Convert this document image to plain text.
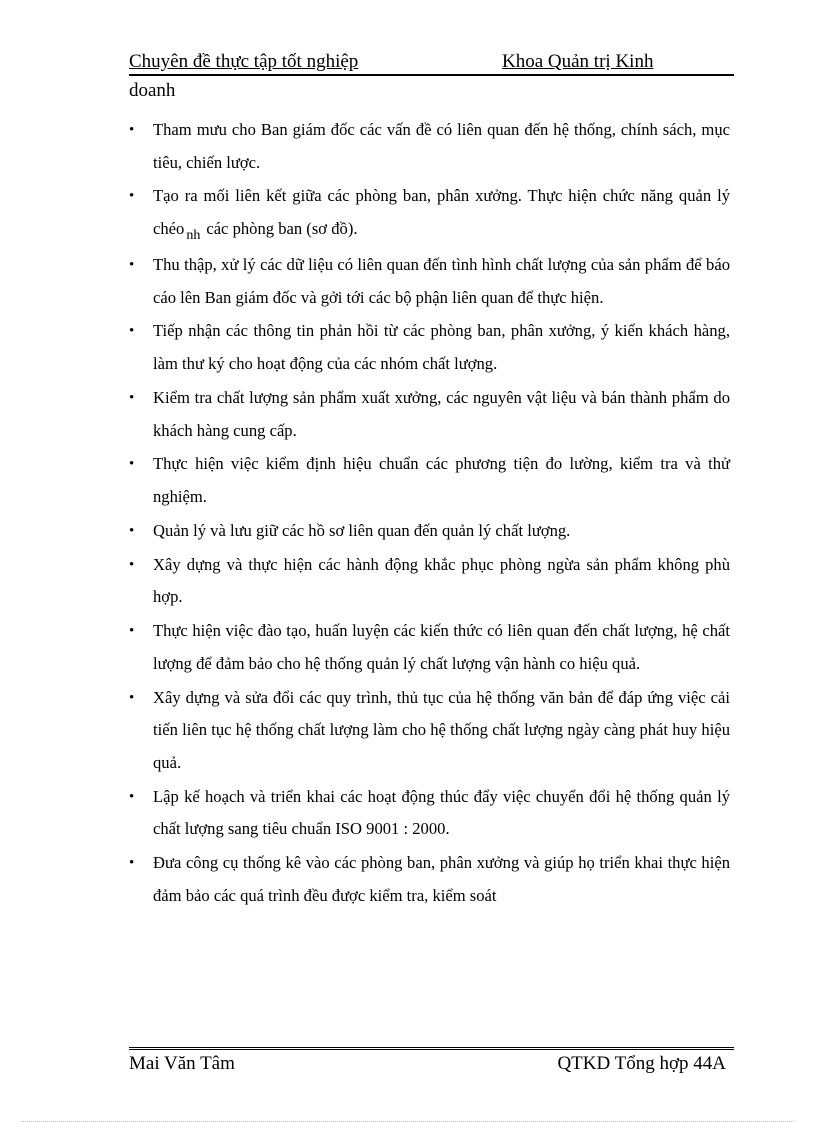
Chuyên đề thực tập tốt nghiệp	Khoa Quản trị Kinh
doanh
• Tham mưu cho Ban giám đốc các vấn đề có liên quan đến hệ thống, chính sách, mục tiêu, chiến lược.
• Tạo ra mối liên kết giữa các phòng ban, phân xưởng. Thực hiện chức năng quản lý chéo $_{nh}$ các phòng ban (sơ đồ).
• Thu thập, xử lý các dữ liệu có liên quan đến tình hình chất lượng của sản phẩm để báo cáo lên Ban giám đốc và gởi tới các bộ phận liên quan để thực hiện.
• Tiếp nhận các thông tin phản hồi từ các phòng ban, phân xưởng, ý kiến khách hàng, làm thư ký cho hoạt động của các nhóm chất lượng.
• Kiểm tra chất lượng sản phẩm xuất xưởng, các nguyên vật liệu và bán thành phẩm do khách hàng cung cấp.
• Thực hiện việc kiểm định hiệu chuẩn các phương tiện đo lường, kiểm tra và thử nghiệm.
• Quản lý và lưu giữ các hồ sơ liên quan đến quản lý chất lượng.
• Xây dựng và thực hiện các hành động khắc phục phòng ngừa sản phẩm không phù hợp.
• Thực hiện việc đào tạo, huấn luyện các kiến thức có liên quan đến chất lượng, hệ chất lượng để đảm bảo cho hệ thống quản lý chất lượng vận hành co hiệu quả.
• Xây dựng và sửa đổi các quy trình, thủ tục của hệ thống văn bản để đáp ứng việc cải tiến liên tục hệ thống chất lượng làm cho hệ thống chất lượng ngày càng phát huy hiệu quả.
• Lập kế hoạch và triển khai các hoạt động thúc đẩy việc chuyển đổi hệ thống quản lý chất lượng sang tiêu chuẩn ISO 9001 : 2000.
• Đưa công cụ thống kê vào các phòng ban, phân xưởng và giúp họ triển khai thực hiện đảm bảo các quá trình đều được kiểm tra, kiểm soát
Mai Văn Tâm	QTKD Tổng hợp 44A
